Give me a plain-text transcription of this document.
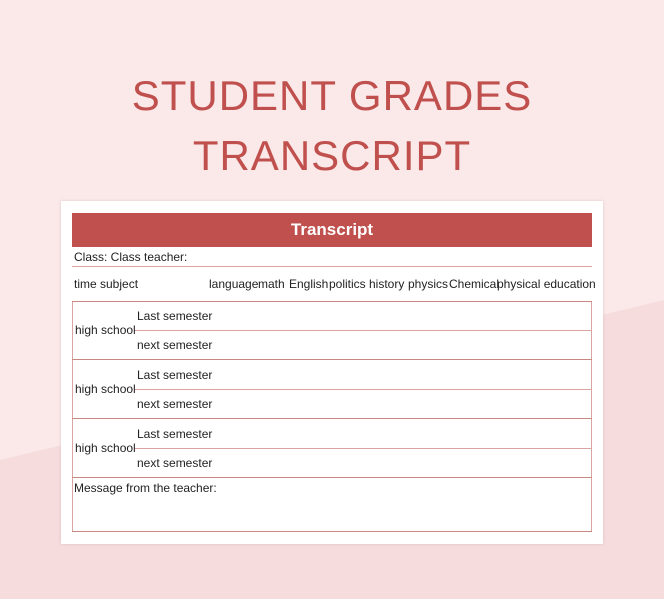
STUDENT GRADES
TRANSCRIPT
Transcript
Class: Class teacher:
time subject	language math English politics history physics Chemical
physical education
high school
Last semester
next semester
high school
Last semester
next semester
high school
Last semester
next semester
Message from the teacher:
